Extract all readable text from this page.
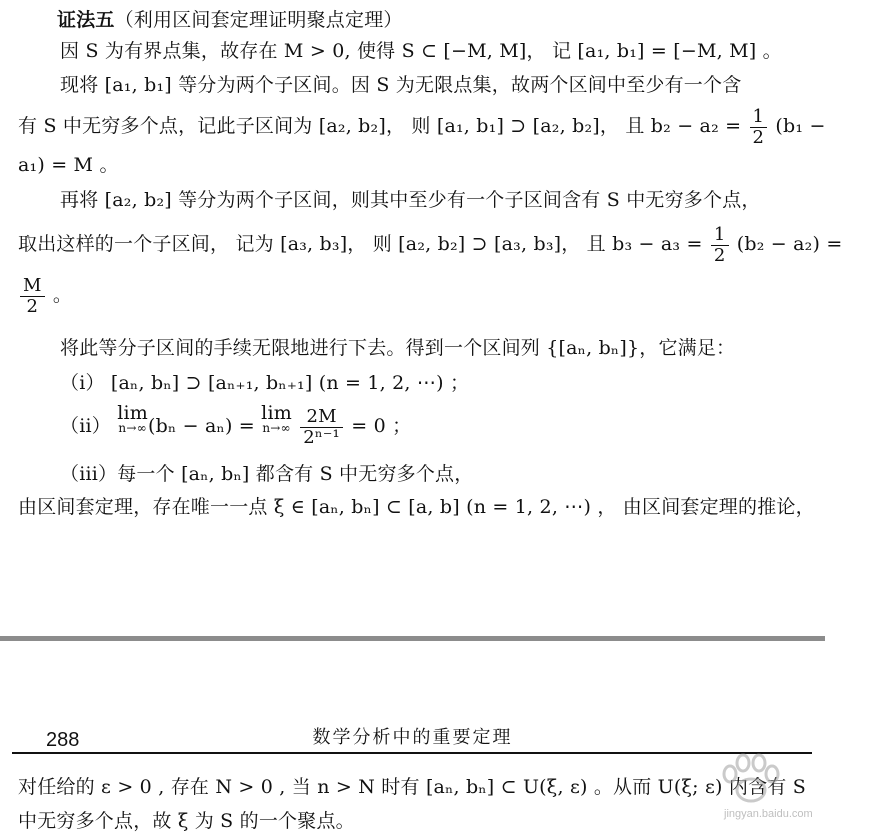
证法五（利用区间套定理证明聚点定理）
因 S 为有界点集，故存在 M > 0, 使得 S ⊂ [−M, M]， 记 [a₁, b₁] = [−M, M] 。
现将 [a₁, b₁] 等分为两个子区间。因 S 为无限点集，故两个区间中至少有一个含
有 S 中无穷多个点，记此子区间为 [a₂, b₂]， 则 [a₁, b₁] ⊃ [a₂, b₂]， 且 $b_2 - a_2 = \frac{1}{2} (b_1$ −
a₁) = M 。
再将 [a₂, b₂] 等分为两个子区间，则其中至少有一个子区间含有 S 中无穷多个点，
取出这样的一个子区间， 记为 [a₃, b₃]， 则 [a₂, b₂] ⊃ [a₃, b₃]， 且 $b_3 - a_3 = \frac{1}{2} (b_2 - a_2)$ =
$\frac{M}{2}$ 。
将此等分子区间的手续无限地进行下去。得到一个区间列 {[aₙ, bₙ]}，它满足：
（i） [aₙ, bₙ] ⊃ [aₙ₊₁, bₙ₊₁] (n = 1, 2, ⋯) ；
（ii） lim
n→∞ (bₙ − aₙ) = lim
n→∞
$\frac{2M}{\text{2ⁿ⁻¹}} = 0$ ；
（iii）每一个 [aₙ, bₙ] 都含有 S 中无穷多个点，
由区间套定理，存在唯一一点 ξ ∈ [aₙ, bₙ] ⊂ [a, b] (n = 1, 2, ⋯) ， 由区间套定理的推论，
288	数学分析中的重要定理
对任给的 ε > 0 , 存在 N > 0 , 当 n > N 时有 [aₙ, bₙ] ⊂ U(ξ, ε) 。从而 U(ξ; ε) 内含有 S
中无穷多个点，故 ξ 为 S 的一个聚点。	jingyan.baidu.com
